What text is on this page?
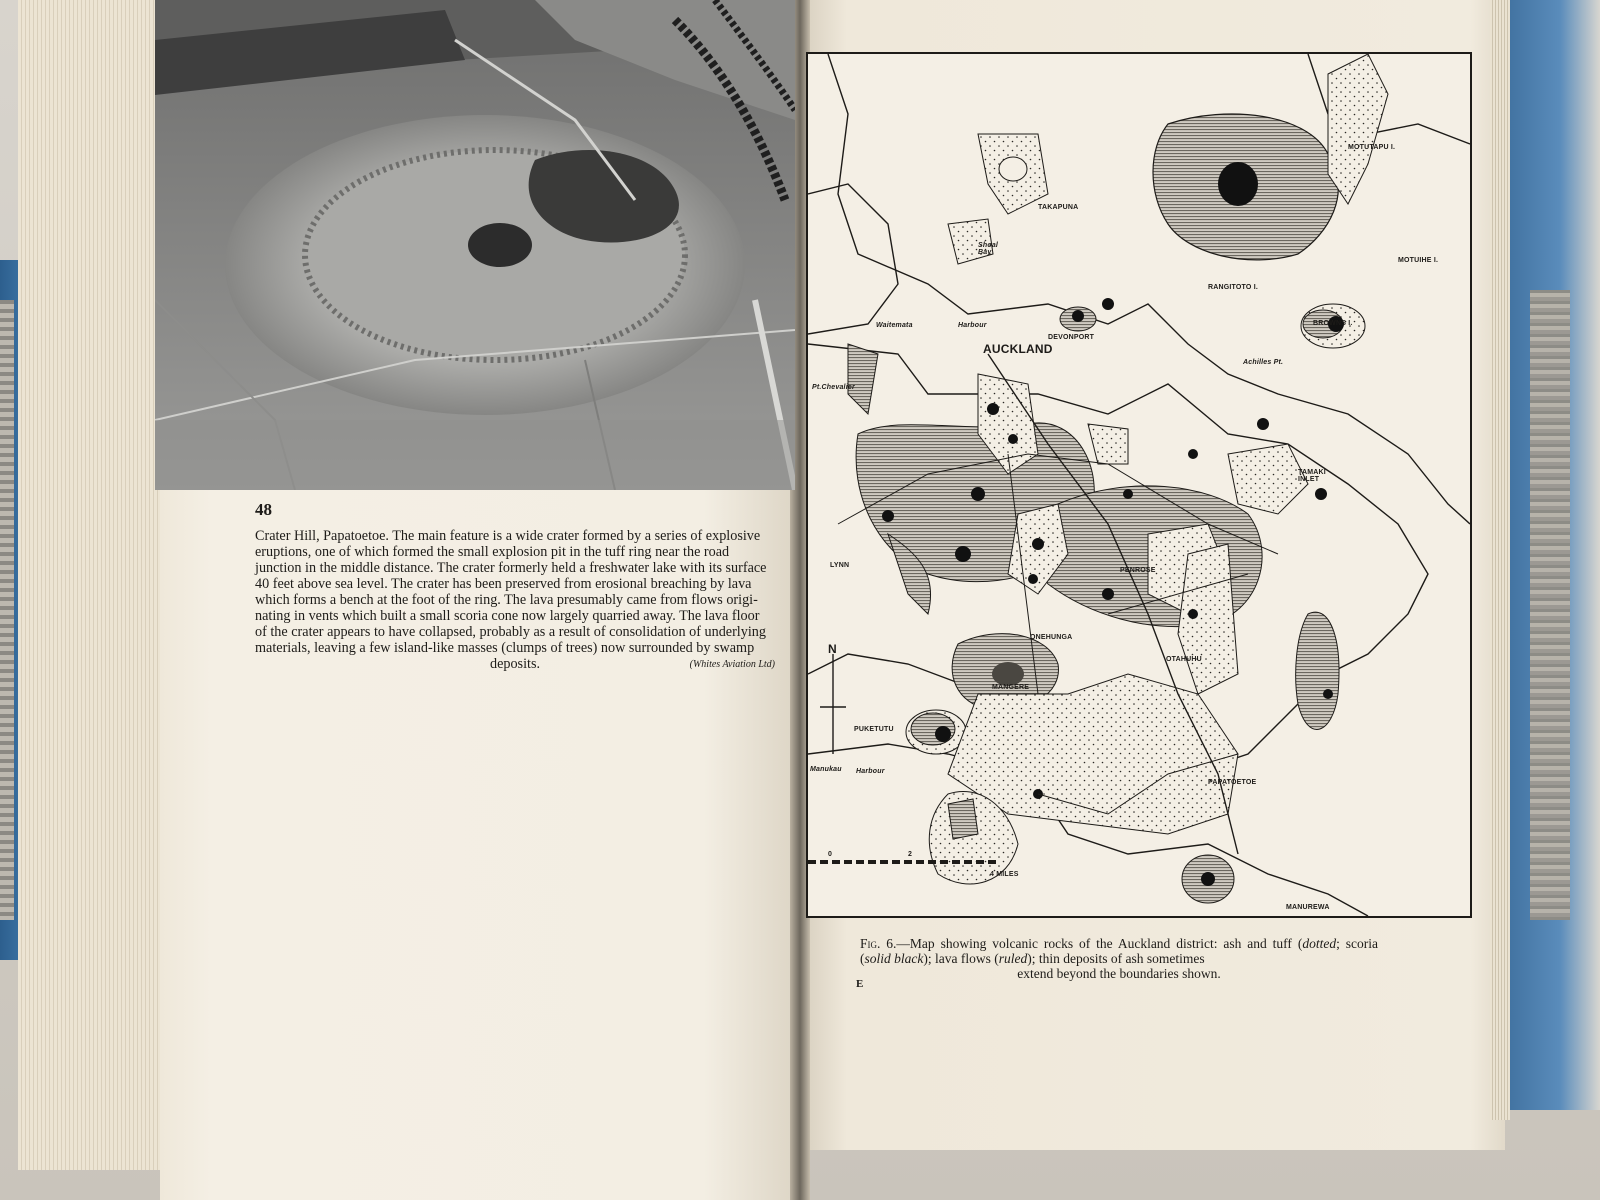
48

Crater Hill, Papatoetoe. The main feature is a wide crater formed by a series of explosive

eruptions, one of which formed the small explosion pit in the tuff ring near the road

junction in the middle distance. The crater formerly held a freshwater lake with its surface

40 feet above sea level. The crater has been preserved from erosional breaching by lava

which forms a bench at the foot of the ring. The lava presumably came from flows origi-

nating in vents which built a small scoria cone now largely quarried away. The lava floor

of the crater appears to have collapsed, probably as a result of consolidation of underlying

materials, leaving a few island-like masses (clumps of trees) now surrounded by swamp

deposits.	(Whites Aviation Ltd)

MOTUTAPU I.
RANGITOTO I.
MOTUIHE I.
TAKAPUNA
Shoal Bay
Waitemata	Harbour
DEVONPORT
AUCKLAND
BROWNS I.
Achilles Pt.
Pt.Chevalier
TAMAKI INLET
LYNN
PENROSE
ONEHUNGA
OTAHUHU
MANGERE
PUKETUTU
Manukau Harbour
PAPATOETOE
MANUREWA
N
0	2
4 MILES
Fig. 6.—Map showing volcanic rocks of the Auckland district: ash and tuff (dotted; scoria (solid black); lava flows (ruled); thin deposits of ash sometimes
extend beyond the boundaries shown.
E
